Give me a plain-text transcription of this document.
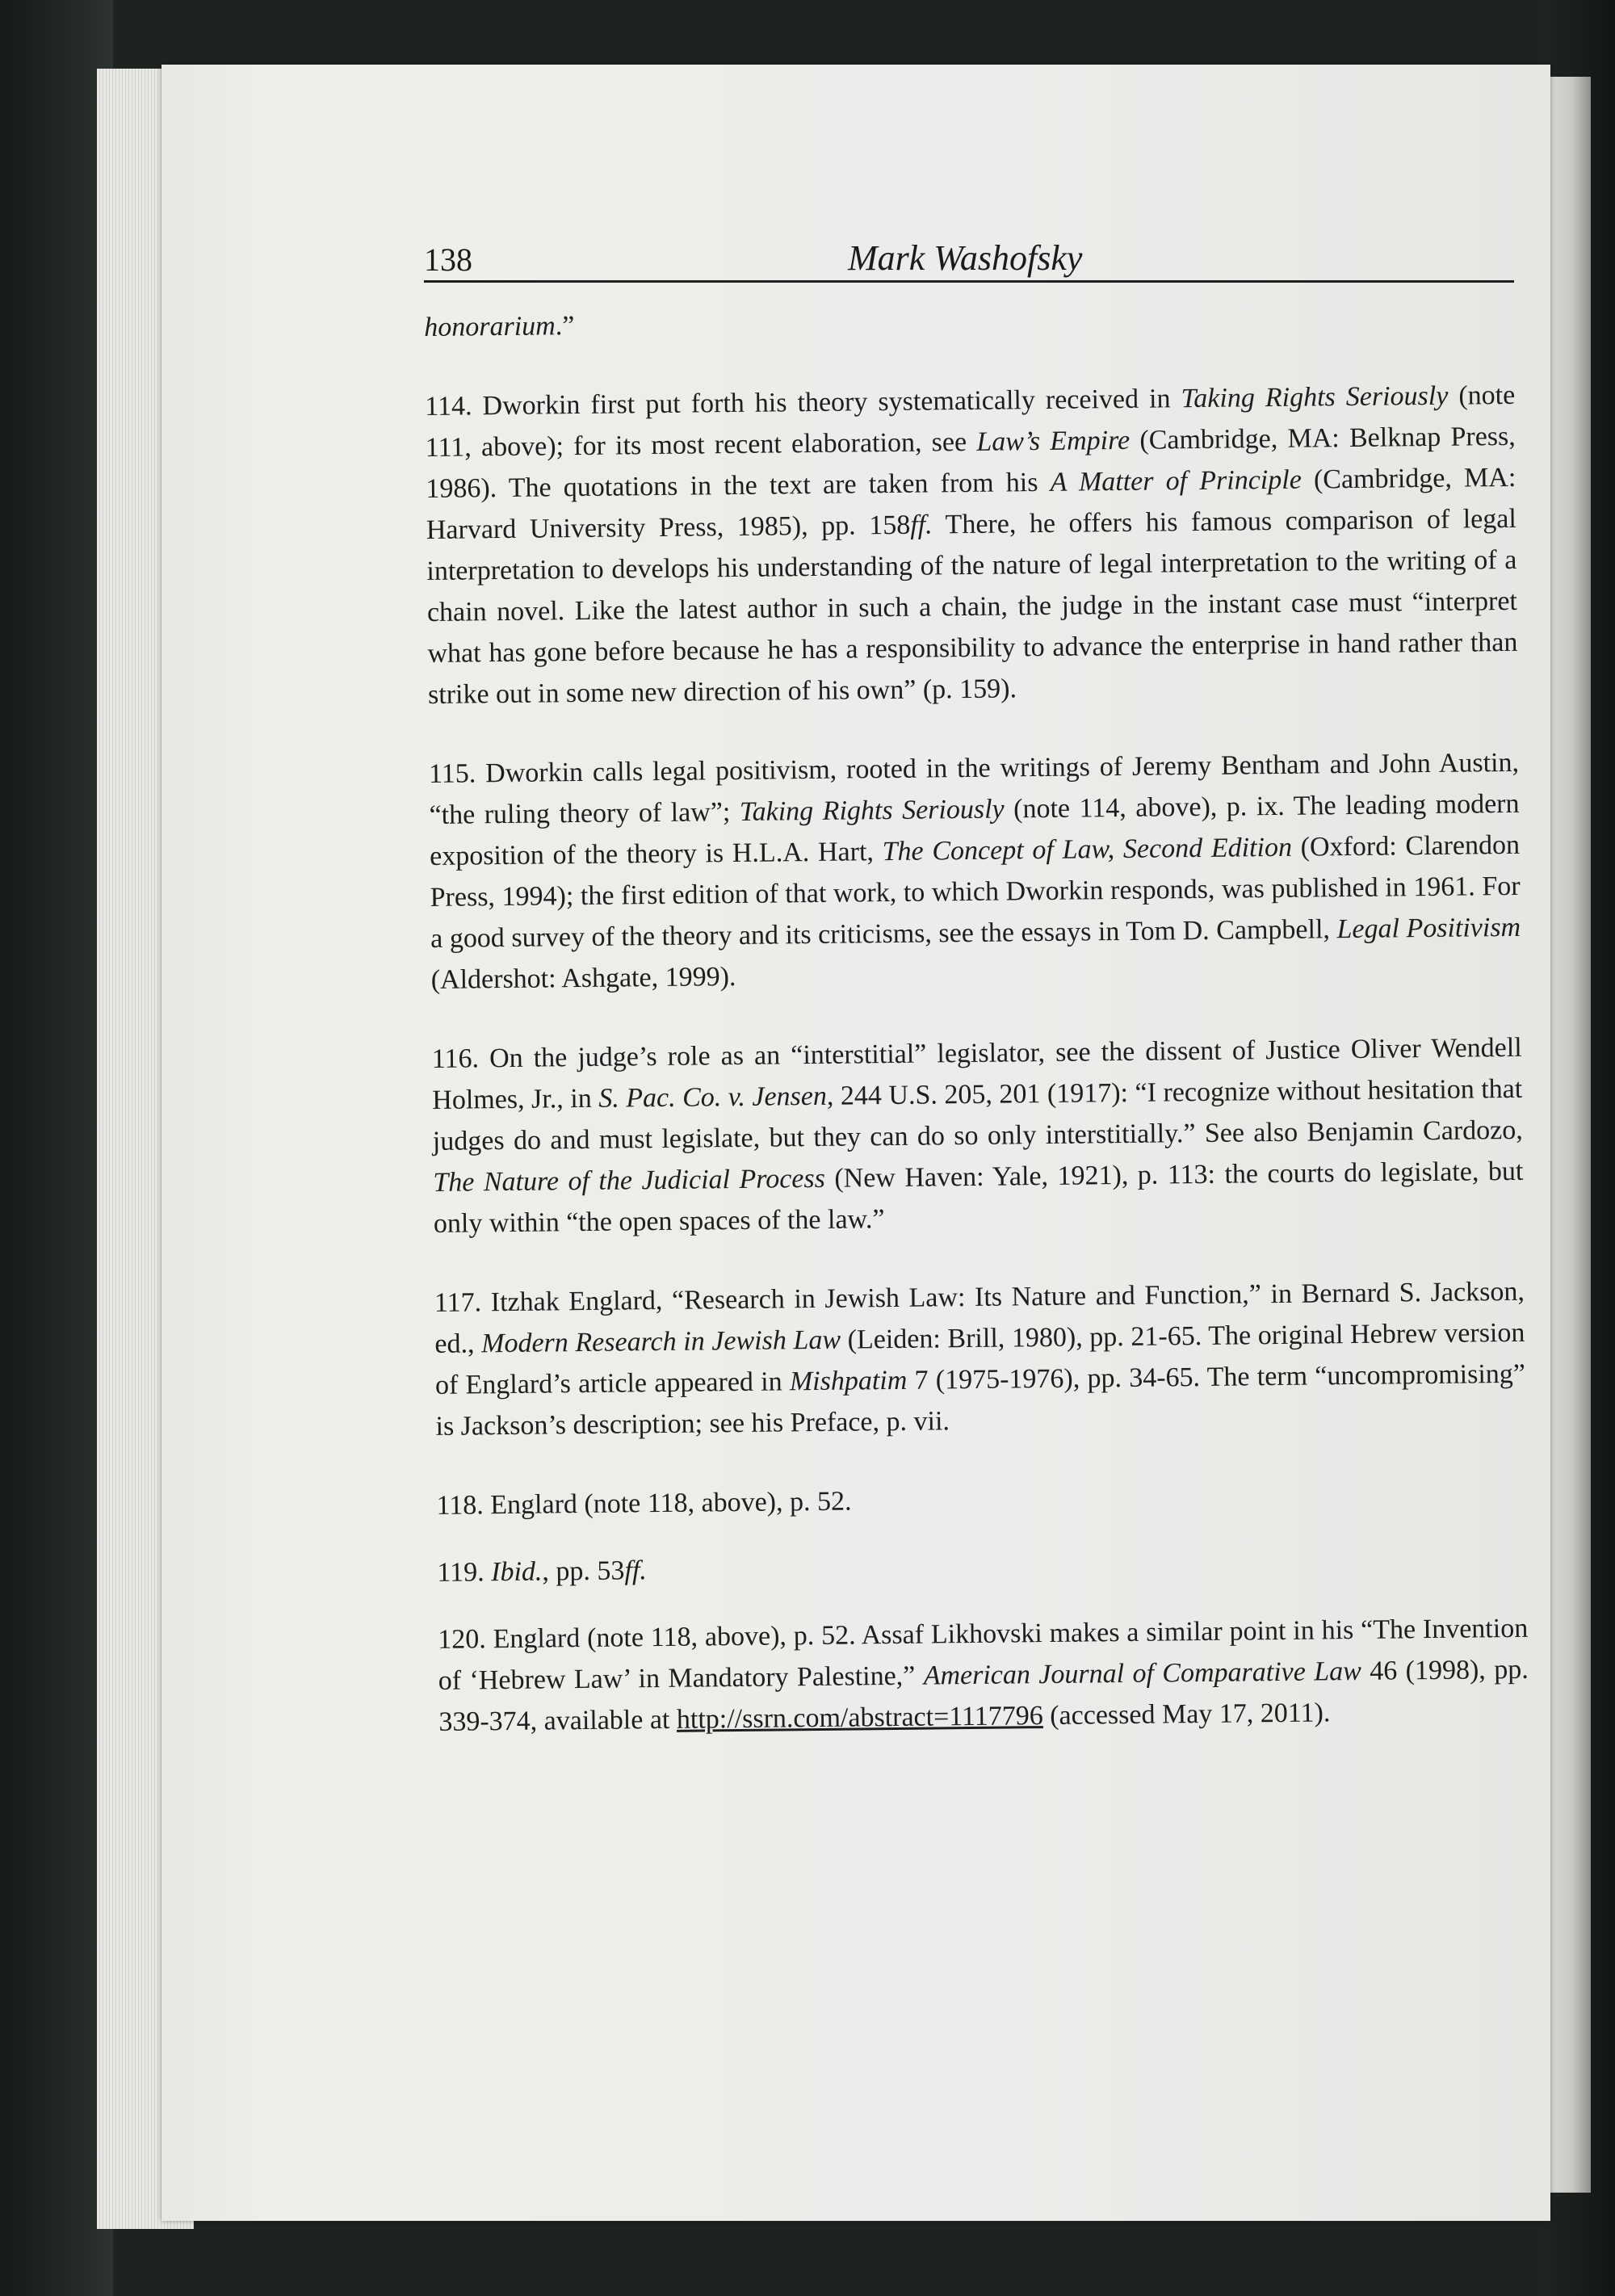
138	Mark Washofsky

honorarium.”

114. Dworkin first put forth his theory systematically received in Taking Rights Seriously (note 111, above); for its most recent elaboration, see Law’s Empire (Cambridge, MA: Belknap Press, 1986). The quotations in the text are taken from his A Matter of Principle (Cambridge, MA: Harvard University Press, 1985), pp. 158ff. There, he offers his famous comparison of legal interpretation to develops his understanding of the nature of legal interpretation to the writing of a chain novel. Like the latest author in such a chain, the judge in the instant case must “interpret what has gone before because he has a responsibility to advance the enterprise in hand rather than strike out in some new direction of his own” (p. 159).

115. Dworkin calls legal positivism, rooted in the writings of Jeremy Bentham and John Austin, “the ruling theory of law”; Taking Rights Seriously (note 114, above), p. ix. The leading modern exposition of the theory is H.L.A. Hart, The Concept of Law, Second Edition (Oxford: Clarendon Press, 1994); the first edition of that work, to which Dworkin responds, was published in 1961. For a good survey of the theory and its criticisms, see the essays in Tom D. Campbell, Legal Positivism (Aldershot: Ashgate, 1999).

116. On the judge’s role as an “interstitial” legislator, see the dissent of Justice Oliver Wendell Holmes, Jr., in S. Pac. Co. v. Jensen, 244 U.S. 205, 201 (1917): “I recognize without hesitation that judges do and must legislate, but they can do so only interstitially.” See also Benjamin Cardozo, The Nature of the Judicial Process (New Haven: Yale, 1921), p. 113: the courts do legislate, but only within “the open spaces of the law.”

117. Itzhak Englard, “Research in Jewish Law: Its Nature and Function,” in Bernard S. Jackson, ed., Modern Research in Jewish Law (Leiden: Brill, 1980), pp. 21-65. The original Hebrew version of Englard’s article appeared in Mishpatim 7 (1975-1976), pp. 34-65. The term “uncompromising” is Jackson’s description; see his Preface, p. vii.

118. Englard (note 118, above), p. 52.

119. Ibid., pp. 53ff.

120. Englard (note 118, above), p. 52. Assaf Likhovski makes a similar point in his “The Invention of ‘Hebrew Law’ in Mandatory Palestine,” American Journal of Comparative Law 46 (1998), pp. 339-374, available at http://ssrn.com/abstract=1117796 (accessed May 17, 2011).
